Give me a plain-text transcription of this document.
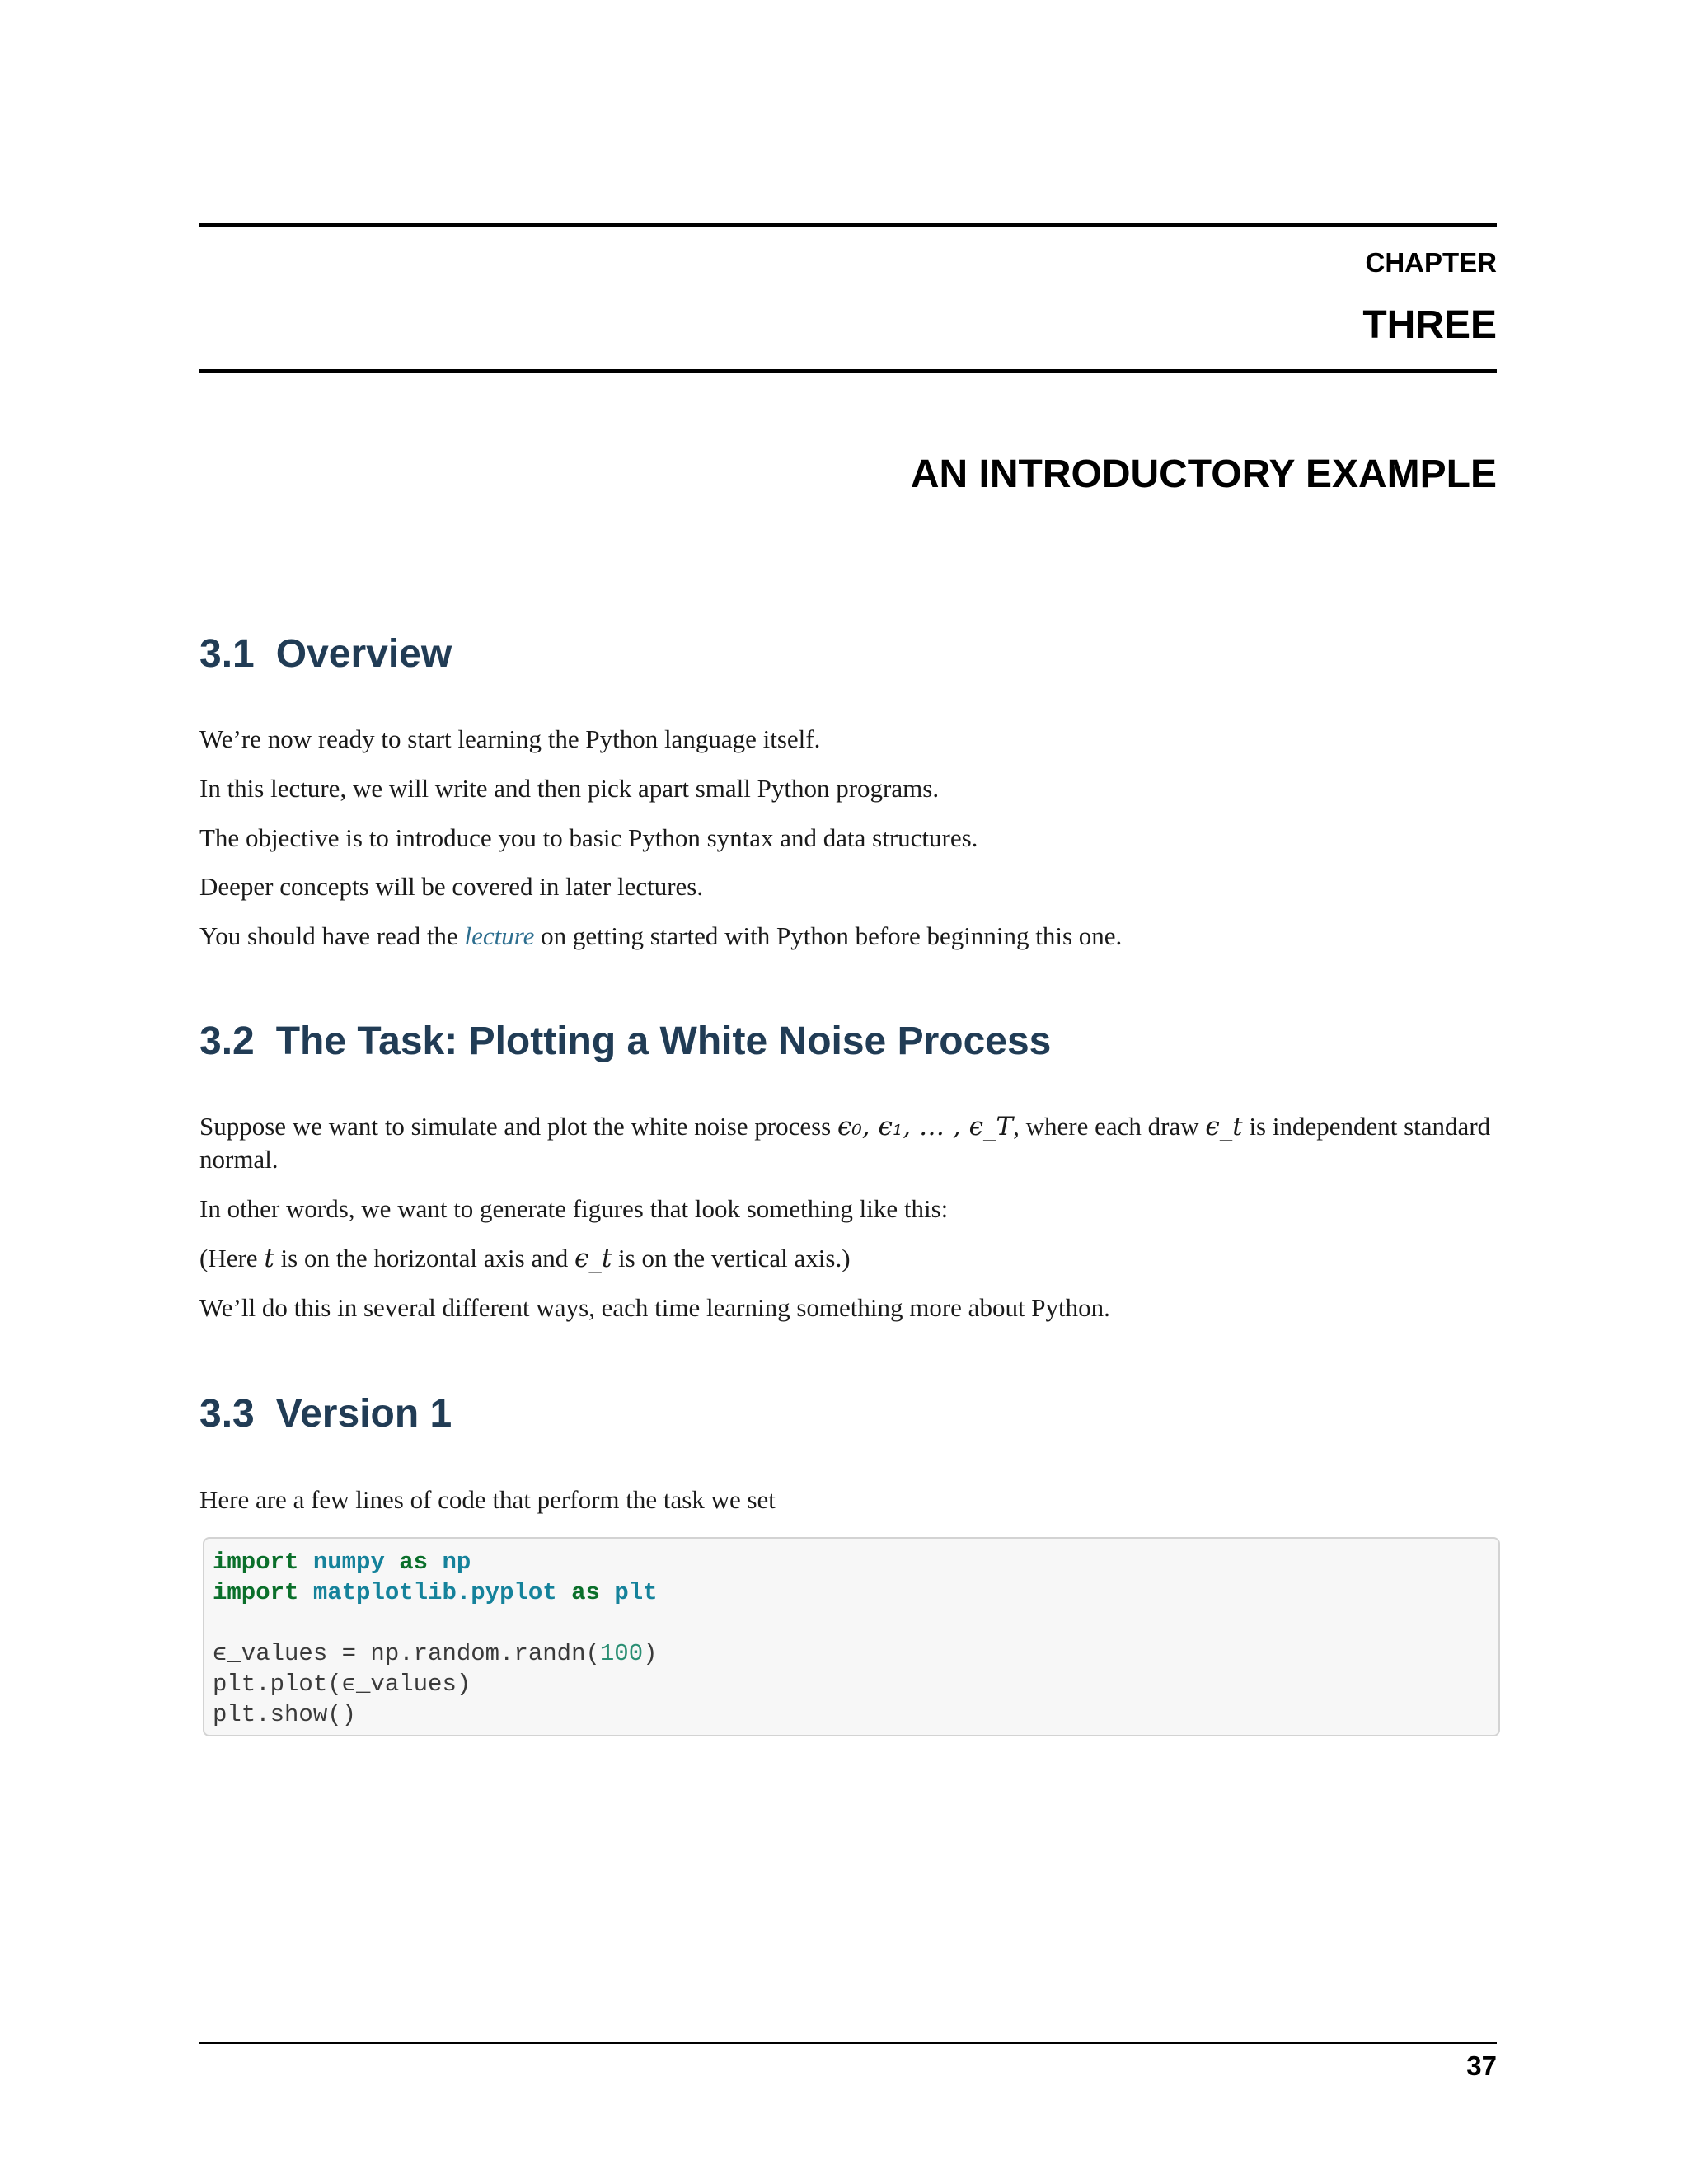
CHAPTER
THREE
AN INTRODUCTORY EXAMPLE
3.1 Overview
We’re now ready to start learning the Python language itself.
In this lecture, we will write and then pick apart small Python programs.
The objective is to introduce you to basic Python syntax and data structures.
Deeper concepts will be covered in later lectures.
You should have read the lecture on getting started with Python before beginning this one.
3.2 The Task: Plotting a White Noise Process
Suppose we want to simulate and plot the white noise process ϵ₀, ϵ₁, … , ϵ_T, where each draw ϵ_t is independent standard normal.
In other words, we want to generate figures that look something like this:
(Here t is on the horizontal axis and ϵ_t is on the vertical axis.)
We’ll do this in several different ways, each time learning something more about Python.
3.3 Version 1
Here are a few lines of code that perform the task we set
import numpy as np
import matplotlib.pyplot as plt
ϵ_values = np.random.randn(100)
plt.plot(ϵ_values)
plt.show()
37
